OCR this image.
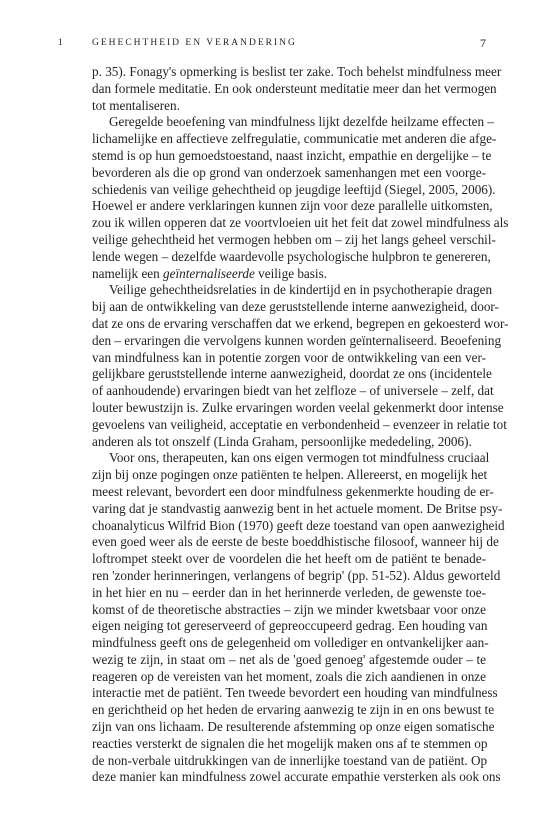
1	GEHECHTHEID EN VERANDERING	7
p. 35). Fonagy's opmerking is beslist ter zake. Toch behelst mindfulness meer
dan formele meditatie. En ook ondersteunt meditatie meer dan het vermogen
tot mentaliseren.
Geregelde beoefening van mindfulness lijkt dezelfde heilzame effecten –
lichamelijke en affectieve zelfregulatie, communicatie met anderen die afge-
stemd is op hun gemoedstoestand, naast inzicht, empathie en dergelijke – te
bevorderen als die op grond van onderzoek samenhangen met een voorge-
schiedenis van veilige gehechtheid op jeugdige leeftijd (Siegel, 2005, 2006).
Hoewel er andere verklaringen kunnen zijn voor deze parallelle uitkomsten,
zou ik willen opperen dat ze voortvloeien uit het feit dat zowel mindfulness als
veilige gehechtheid het vermogen hebben om – zij het langs geheel verschil-
lende wegen – dezelfde waardevolle psychologische hulpbron te genereren,
namelijk een geïnternaliseerde veilige basis.
Veilige gehechtheidsrelaties in de kindertijd en in psychotherapie dragen
bij aan de ontwikkeling van deze geruststellende interne aanwezigheid, door-
dat ze ons de ervaring verschaffen dat we erkend, begrepen en gekoesterd wor-
den – ervaringen die vervolgens kunnen worden geïnternaliseerd. Beoefening
van mindfulness kan in potentie zorgen voor de ontwikkeling van een ver-
gelijkbare geruststellende interne aanwezigheid, doordat ze ons (incidentele
of aanhoudende) ervaringen biedt van het zelfloze – of universele – zelf, dat
louter bewustzijn is. Zulke ervaringen worden veelal gekenmerkt door intense
gevoelens van veiligheid, acceptatie en verbondenheid – evenzeer in relatie tot
anderen als tot onszelf (Linda Graham, persoonlijke mededeling, 2006).
Voor ons, therapeuten, kan ons eigen vermogen tot mindfulness cruciaal
zijn bij onze pogingen onze patiënten te helpen. Allereerst, en mogelijk het
meest relevant, bevordert een door mindfulness gekenmerkte houding de er-
varing dat je standvastig aanwezig bent in het actuele moment. De Britse psy-
choanalyticus Wilfrid Bion (1970) geeft deze toestand van open aanwezigheid
even goed weer als de eerste de beste boeddhistische filosoof, wanneer hij de
loftrompet steekt over de voordelen die het heeft om de patiënt te benade-
ren 'zonder herinneringen, verlangens of begrip' (pp. 51-52). Aldus geworteld
in het hier en nu – eerder dan in het herinnerde verleden, de gewenste toe-
komst of de theoretische abstracties – zijn we minder kwetsbaar voor onze
eigen neiging tot gereserveerd of gepreoccupeerd gedrag. Een houding van
mindfulness geeft ons de gelegenheid om vollediger en ontvankelijker aan-
wezig te zijn, in staat om – net als de 'goed genoeg' afgestemde ouder – te
reageren op de vereisten van het moment, zoals die zich aandienen in onze
interactie met de patiënt. Ten tweede bevordert een houding van mindfulness
en gerichtheid op het heden de ervaring aanwezig te zijn in en ons bewust te
zijn van ons lichaam. De resulterende afstemming op onze eigen somatische
reacties versterkt de signalen die het mogelijk maken ons af te stemmen op
de non-verbale uitdrukkingen van de innerlijke toestand van de patiënt. Op
deze manier kan mindfulness zowel accurate empathie versterken als ook ons
